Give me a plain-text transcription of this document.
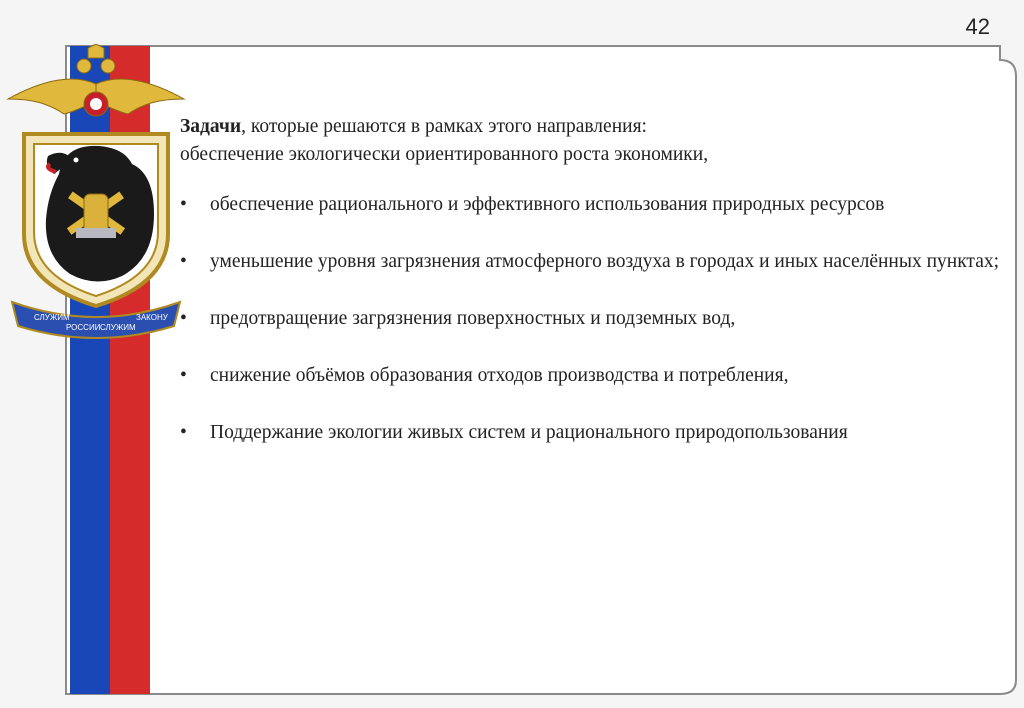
СЛУЖИМ
РОССИИ СЛУЖИМ
ЗАКОНУ
42

Задачи, которые решаются в рамках этого направления:
обеспечение экологически ориентированного роста экономики,

• обеспечение рационального и эффективного использования природных ресурсов
• уменьшение уровня загрязнения атмосферного воздуха в городах и иных населённых пунктах;
• предотвращение загрязнения поверхностных и подземных вод,
• снижение объёмов образования отходов производства и потребления,
• Поддержание экологии живых систем и рационального природопользования
